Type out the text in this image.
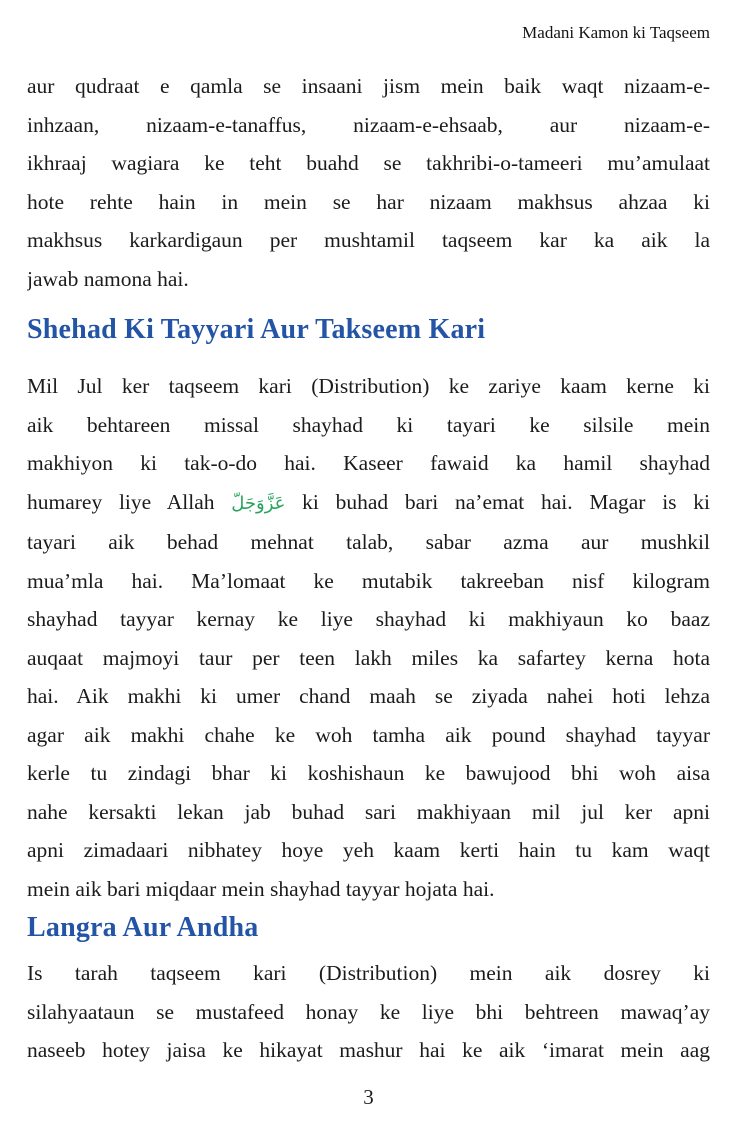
Madani Kamon ki Taqseem
aur qudraat e qamla se insaani jism mein baik waqt nizaam-e-
inhzaan, nizaam-e-tanaffus, nizaam-e-ehsaab, aur nizaam-e-
ikhraaj wagiara ke teht buahd se takhribi-o-tameeri mu’amulaat
hote rehte hain in mein se har nizaam makhsus ahzaa ki
makhsus karkardigaun per mushtamil taqseem kar ka aik la
jawab namona hai.
Shehad Ki Tayyari Aur Takseem Kari
Mil Jul ker taqseem kari (Distribution) ke zariye kaam kerne ki
aik behtareen missal shayhad ki tayari ke silsile mein
makhiyon ki tak-o-do hai. Kaseer fawaid ka hamil shayhad
humarey liye Allah عَزَّوَجَلّ ki buhad bari na’emat hai. Magar is ki
tayari aik behad mehnat talab, sabar azma aur mushkil
mua’mla hai. Ma’lomaat ke mutabik takreeban nisf kilogram
shayhad tayyar kernay ke liye shayhad ki makhiyaun ko baaz
auqaat majmoyi taur per teen lakh miles ka safartey kerna hota
hai. Aik makhi ki umer chand maah se ziyada nahei hoti lehza
agar aik makhi chahe ke woh tamha aik pound shayhad tayyar
kerle tu zindagi bhar ki koshishaun ke bawujood bhi woh aisa
nahe kersakti lekan jab buhad sari makhiyaan mil jul ker apni
apni zimadaari nibhatey hoye yeh kaam kerti hain tu kam waqt
mein aik bari miqdaar mein shayhad tayyar hojata hai.
Langra Aur Andha
Is tarah taqseem kari (Distribution) mein aik dosrey ki
silahyaataun se mustafeed honay ke liye bhi behtreen mawaq’ay
naseeb hotey jaisa ke hikayat mashur hai ke aik ‘imarat mein aag
3
